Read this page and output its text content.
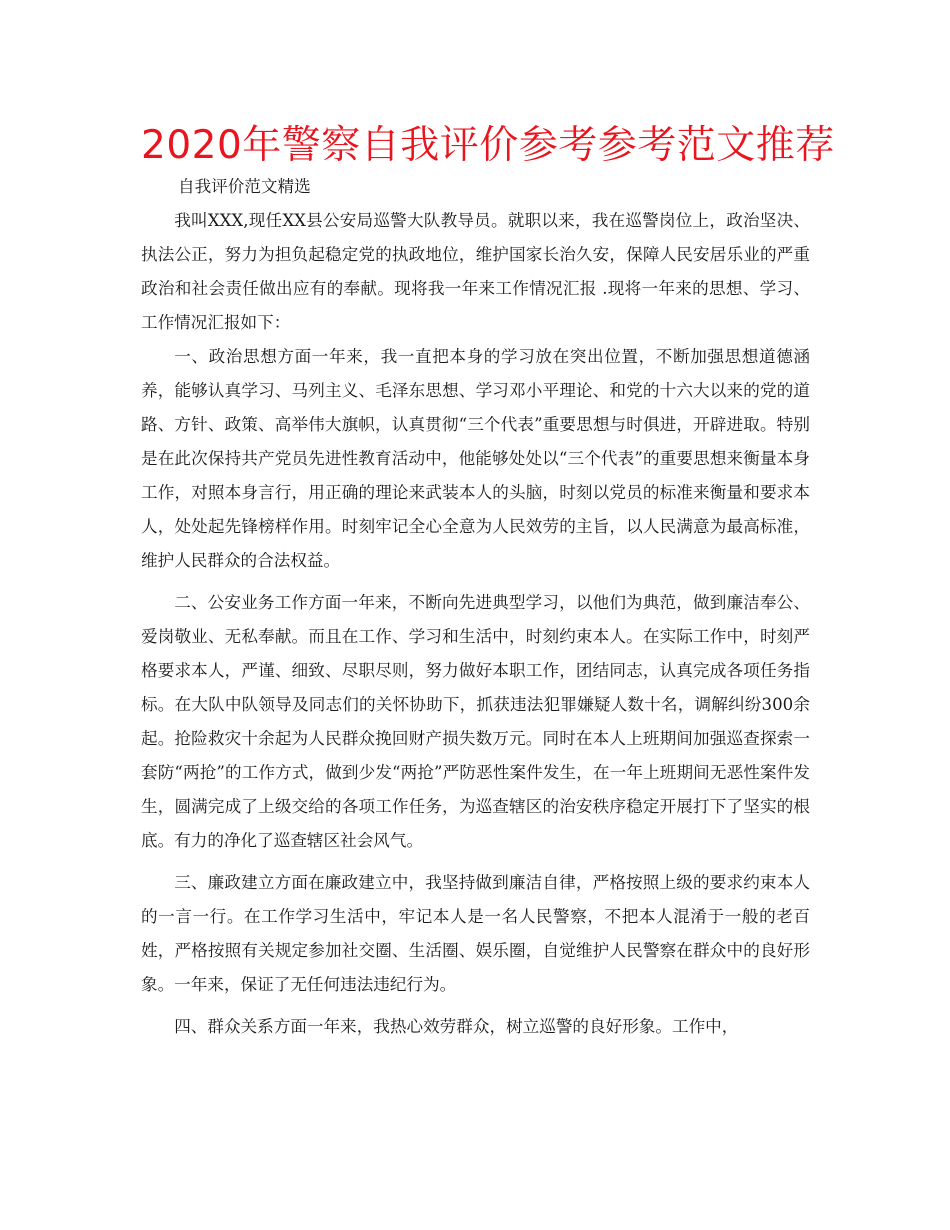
2020年警察自我评价参考参考范文推荐

自我评价范文精选

我叫XXX,现任XX县公安局巡警大队教导员。就职以来，我在巡警岗位上，政治坚决、执法公正，努力为担负起稳定党的执政地位，维护国家长治久安，保障人民安居乐业的严重政治和社会责任做出应有的奉献。现将我一年来工作情况汇报 .现将一年来的思想、学习、工作情况汇报如下：

一、政治思想方面一年来，我一直把本身的学习放在突出位置，不断加强思想道德涵养，能够认真学习、马列主义、毛泽东思想、学习邓小平理论、和党的十六大以来的党的道路、方针、政策、高举伟大旗帜，认真贯彻“三个代表”重要思想与时俱进，开辟进取。特别是在此次保持共产党员先进性教育活动中，他能够处处以“三个代表”的重要思想来衡量本身工作，对照本身言行，用正确的理论来武装本人的头脑，时刻以党员的标准来衡量和要求本人，处处起先锋榜样作用。时刻牢记全心全意为人民效劳的主旨，以人民满意为最高标准，维护人民群众的合法权益。

二、公安业务工作方面一年来，不断向先进典型学习，以他们为典范，做到廉洁奉公、爱岗敬业、无私奉献。而且在工作、学习和生活中，时刻约束本人。在实际工作中，时刻严格要求本人，严谨、细致、尽职尽则，努力做好本职工作，团结同志，认真完成各项任务指标。在大队中队领导及同志们的关怀协助下，抓获违法犯罪嫌疑人数十名，调解纠纷300余起。抢险救灾十余起为人民群众挽回财产损失数万元。同时在本人上班期间加强巡查探索一套防“两抢”的工作方式，做到少发“两抢”严防恶性案件发生，在一年上班期间无恶性案件发生，圆满完成了上级交给的各项工作任务，为巡查辖区的治安秩序稳定开展打下了坚实的根底。有力的净化了巡查辖区社会风气。

三、廉政建立方面在廉政建立中，我坚持做到廉洁自律，严格按照上级的要求约束本人的一言一行。在工作学习生活中，牢记本人是一名人民警察，不把本人混淆于一般的老百姓，严格按照有关规定参加社交圈、生活圈、娱乐圈，自觉维护人民警察在群众中的良好形象。一年来，保证了无任何违法违纪行为。

四、群众关系方面一年来，我热心效劳群众，树立巡警的良好形象。工作中，
